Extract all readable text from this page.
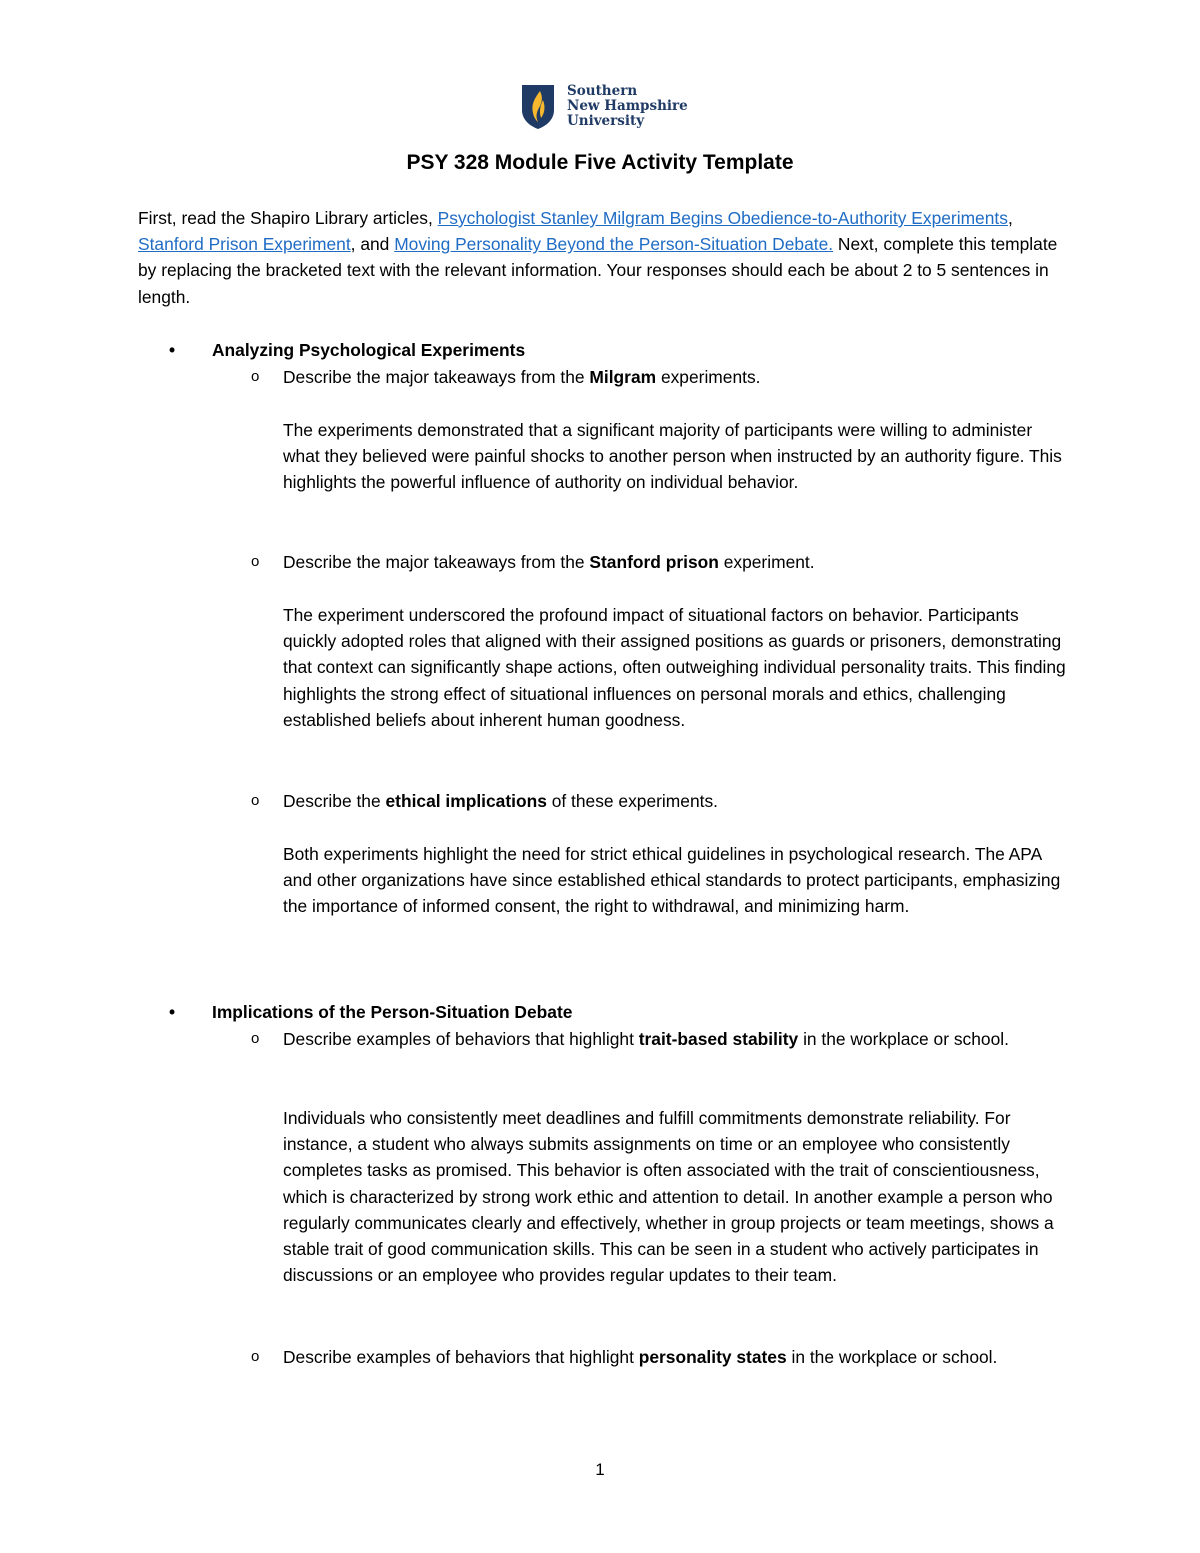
Southern
New Hampshire
University
PSY 328 Module Five Activity Template
First, read the Shapiro Library articles, Psychologist Stanley Milgram Begins Obedience-to-Authority Experiments, Stanford Prison Experiment, and Moving Personality Beyond the Person-Situation Debate. Next, complete this template by replacing the bracketed text with the relevant information. Your responses should each be about 2 to 5 sentences in length.
• Analyzing Psychological Experiments
o Describe the major takeaways from the Milgram experiments.
The experiments demonstrated that a significant majority of participants were willing to administer what they believed were painful shocks to another person when instructed by an authority figure. This highlights the powerful influence of authority on individual behavior.
o Describe the major takeaways from the Stanford prison experiment.
The experiment underscored the profound impact of situational factors on behavior. Participants quickly adopted roles that aligned with their assigned positions as guards or prisoners, demonstrating that context can significantly shape actions, often outweighing individual personality traits. This finding highlights the strong effect of situational influences on personal morals and ethics, challenging established beliefs about inherent human goodness.
o Describe the ethical implications of these experiments.
Both experiments highlight the need for strict ethical guidelines in psychological research. The APA and other organizations have since established ethical standards to protect participants, emphasizing the importance of informed consent, the right to withdrawal, and minimizing harm.
• Implications of the Person-Situation Debate
o Describe examples of behaviors that highlight trait-based stability in the workplace or school.
Individuals who consistently meet deadlines and fulfill commitments demonstrate reliability. For instance, a student who always submits assignments on time or an employee who consistently completes tasks as promised. This behavior is often associated with the trait of conscientiousness, which is characterized by strong work ethic and attention to detail. In another example a person who regularly communicates clearly and effectively, whether in group projects or team meetings, shows a stable trait of good communication skills. This can be seen in a student who actively participates in discussions or an employee who provides regular updates to their team.
o Describe examples of behaviors that highlight personality states in the workplace or school.
1
